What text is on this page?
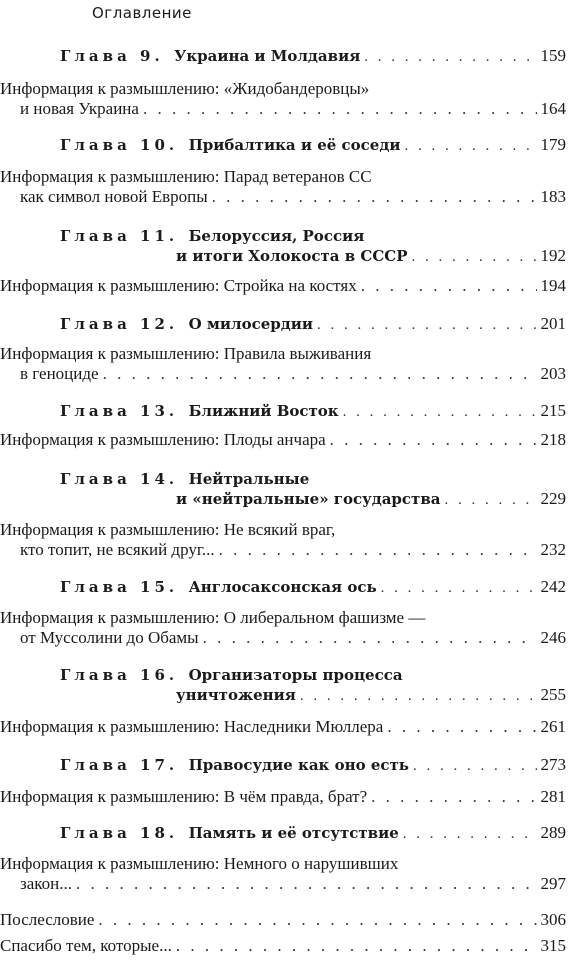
Оглавление
Глава 9. Украина и Молдавия . . .	159
Информация к размышлению: «Жидобандеровцы»
и новая Украина . . .	164
Глава 10. Прибалтика и её соседи . . .	179
Информация к размышлению: Парад ветеранов СС
как символ новой Европы . . .	183
Глава 11. Белоруссия, Россия
и итоги Холокоста в СССР . . .	192
Информация к размышлению: Стройка на костях . . .	194
Глава 12. О милосердии . . .	201
Информация к размышлению: Правила выживания
в геноциде . . .	203
Глава 13. Ближний Восток . . .	215
Информация к размышлению: Плоды анчара . . .	218
Глава 14. Нейтральные
и «нейтральные» государства . . .	229
Информация к размышлению: Не всякий враг,
кто топит, не всякий друг... . . .	232
Глава 15. Англосаксонская ось . . .	242
Информация к размышлению: О либеральном фашизме —
от Муссолини до Обамы . . .	246
Глава 16. Организаторы процесса
уничтожения . . .	255
Информация к размышлению: Наследники Мюллера . . .	261
Глава 17. Правосудие как оно есть . . .	273
Информация к размышлению: В чём правда, брат? . . .	281
Глава 18. Память и её отсутствие . . .	289
Информация к размышлению: Немного о нарушивших
закон... . . .	297
Послесловие . . .	306
Спасибо тем, которые... . . .	315
